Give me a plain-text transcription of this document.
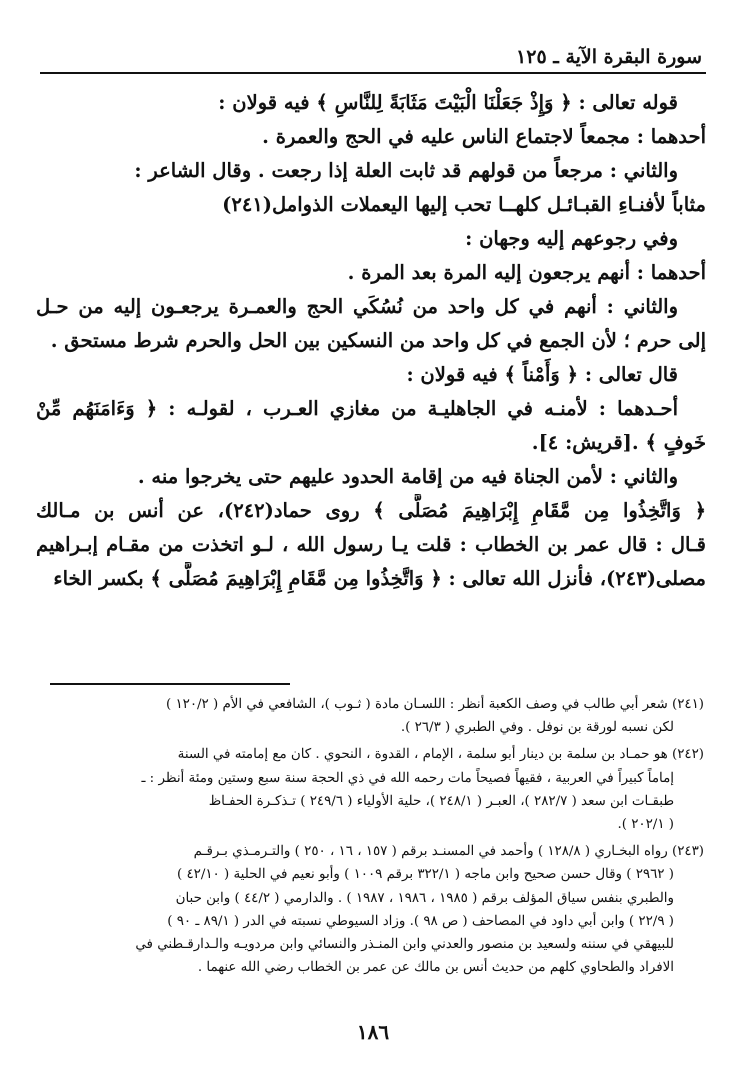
سورة البقرة الآية ـ ١٢٥
قوله تعالى : ﴿ وَإِذْ جَعَلْنَا الْبَيْتَ مَثَابَةً لِلنَّاسِ ﴾ فيه قولان :
أحدهما : مجمعاً لاجتماع الناس عليه في الحج والعمرة .
والثاني : مرجعاً من قولهم قد ثابت العلة إذا رجعت . وقال الشاعر :
مثاباً لأفنـاءِ القبـائـل كلهــا تحب إليها اليعملات الذوامل(٢٤١)
وفي رجوعهم إليه وجهان :
أحدهما : أنهم يرجعون إليه المرة بعد المرة .
والثاني : أنهم في كل واحد من نُسُكَي الحج والعمـرة يرجعـون إليه من حـل
إلى حرم ؛ لأن الجمع في كل واحد من النسكين بين الحل والحرم شرط مستحق .
قال تعالى : ﴿ وَأَمْناً ﴾ فيه قولان :
أحـدهما : لأمنـه في الجاهليـة من مغازي العـرب ، لقولـه : ﴿ وَءَامَنَهُم مِّنْ
خَوفٍ ﴾ .[قريش: ٤].
والثاني : لأمن الجناة فيه من إقامة الحدود عليهم حتى يخرجوا منه .
﴿ وَاتَّخِذُوا مِن مَّقَامِ إِبْرَاهِيمَ مُصَلًّى ﴾ روى حماد(٢٤٢)، عن أنس بن مـالك
قـال : قال عمر بن الخطاب : قلت يـا رسول الله ، لـو اتخذت من مقـام إبـراهيم
مصلى(٢٤٣)، فأنزل الله تعالى : ﴿ وَاتَّخِذُوا مِن مَّقَامِ إِبْرَاهِيمَ مُصَلًّى ﴾ بكسر الخاء
(٢٤١) شعر أبي طالب في وصف الكعبة أنظر : اللسـان مادة ( ثـوب )، الشافعي في الأم ( ١٢٠/٢ )
لكن نسبه لورقة بن نوفل . وفي الطبري ( ٢٦/٣ ).
(٢٤٢) هو حمـاد بن سلمة بن دينار أبو سلمة ، الإمام ، القدوة ، النحوي . كان مع إمامته في السنة
إماماً كبيراً في العربية ، فقيهاً فصيحاً مات رحمه الله في ذي الحجة سنة سبع وستين ومئة أنظر : ـ
طبقـات ابن سعد ( ٢٨٢/٧ )، العبـر ( ٢٤٨/١ )، حلية الأولياء ( ٢٤٩/٦ ) تـذكـرة الحفـاظ
( ٢٠٢/١ ).
(٢٤٣) رواه البخـاري ( ١٢٨/٨ ) وأحمد في المسنـد برقم ( ١٥٧ ، ١٦ ، ٢٥٠ ) والتـرمـذي بـرقـم
( ٢٩٦٢ ) وقال حسن صحيح وابن ماجه ( ٣٢٢/١ برقم ١٠٠٩ ) وأبو نعيم في الحلية ( ٤٢/١٠ )
والطبري بنفس سياق المؤلف برقم ( ١٩٨٥ ، ١٩٨٦ ، ١٩٨٧ ) . والدارمي ( ٤٤/٢ ) وابن حبان
( ٢٢/٩ ) وابن أبي داود في المصاحف ( ص ٩٨ ). وزاد السيوطي نسبته في الدر ( ٨٩/١ ـ ٩٠ )
للبيهقي في سننه ولسعيد بن منصور والعدني وابن المنـذر والنسائي وابن مردويـه والـدارقـطني في
الافراد والطحاوي كلهم من حديث أنس بن مالك عن عمر بن الخطاب رضي الله عنهما .
١٨٦
